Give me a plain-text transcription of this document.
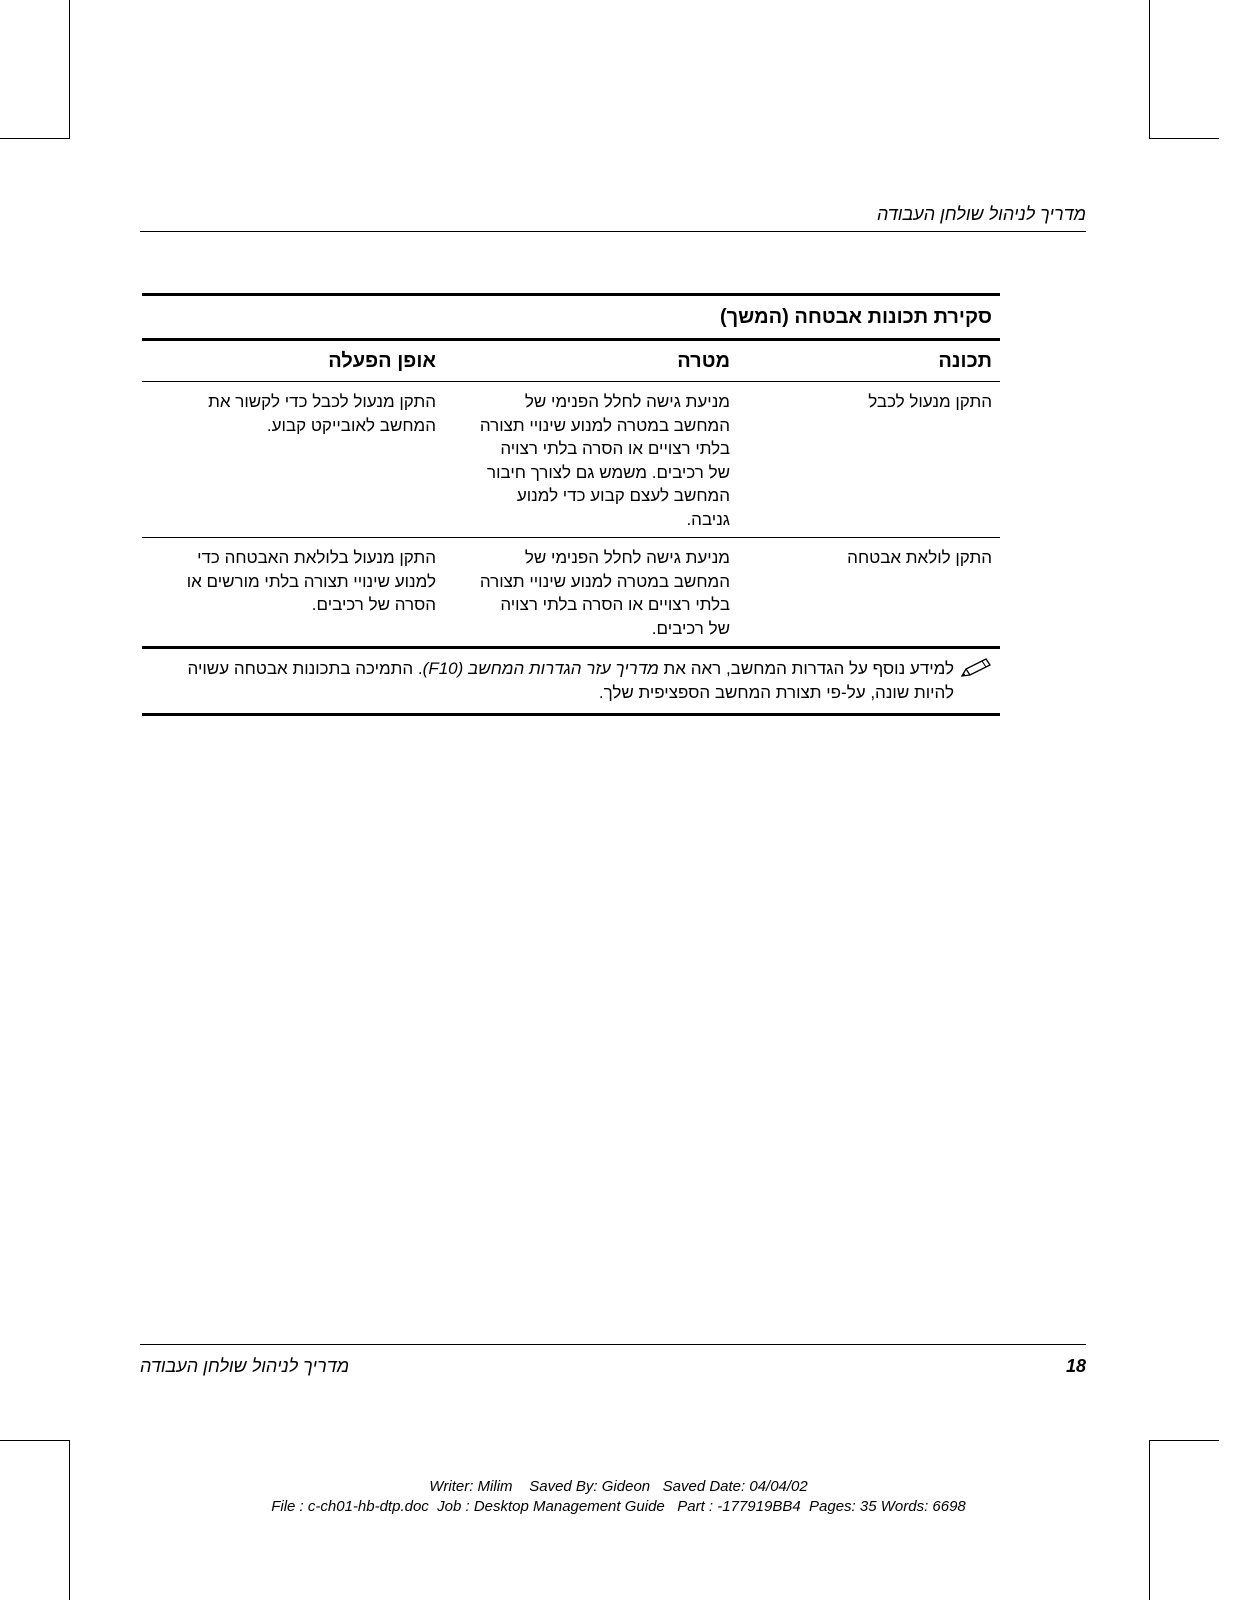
מדריך לניהול שולחן העבודה
סקירת תכונות אבטחה (המשך)
תכונה
מטרה
אופן הפעלה
התקן מנעול לכבל
מניעת גישה לחלל הפנימי של
המחשב במטרה למנוע שינויי תצורה
בלתי רצויים או הסרה בלתי רצויה
של רכיבים. משמש גם לצורך חיבור
המחשב לעצם קבוע כדי למנוע
גניבה.
התקן מנעול לכבל כדי לקשור את
המחשב לאובייקט קבוע.
התקן לולאת אבטחה
מניעת גישה לחלל הפנימי של
המחשב במטרה למנוע שינויי תצורה
בלתי רצויים או הסרה בלתי רצויה
של רכיבים.
התקן מנעול בלולאת האבטחה כדי
למנוע שינויי תצורה בלתי מורשים או
הסרה של רכיבים.
למידע נוסף על הגדרות המחשב, ראה את מדריך עזר הגדרות המחשב (F10). התמיכה בתכונות אבטחה עשויה להיות שונה, על-פי תצורת המחשב הספציפית שלך.
מדריך לניהול שולחן העבודה	18
Writer: Milim    Saved By: Gideon   Saved Date: 04/04/02
File : c-ch01-hb-dtp.doc  Job : Desktop Management Guide   Part : -177919BB4  Pages: 35 Words: 6698
